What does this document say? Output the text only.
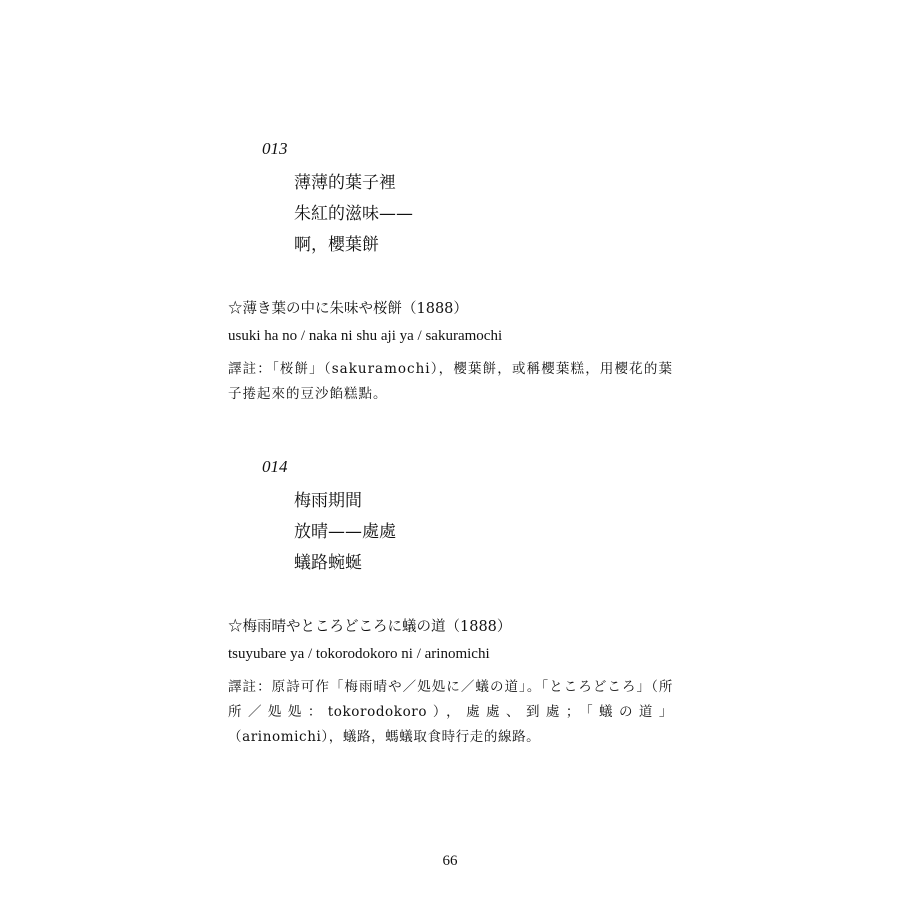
013
薄薄的葉子裡
朱紅的滋味——
啊，櫻葉餅
☆薄き葉の中に朱味や桜餅（1888）
usuki ha no / naka ni shu aji ya / sakuramochi
譯註：「桜餅」（sakuramochi），櫻葉餅，或稱櫻葉糕，用櫻花的葉子捲起來的豆沙餡糕點。
014
梅雨期間
放晴——處處
蟻路蜿蜒
☆梅雨晴やところどころに蟻の道（1888）
tsuyubare ya / tokorodokoro ni / arinomichi
譯註：原詩可作「梅雨晴や／処処に／蟻の道」。「ところどころ」（所所／処処：tokorodokoro），處處、到處；「蟻の道」（arinomichi），蟻路，螞蟻取食時行走的線路。
66
